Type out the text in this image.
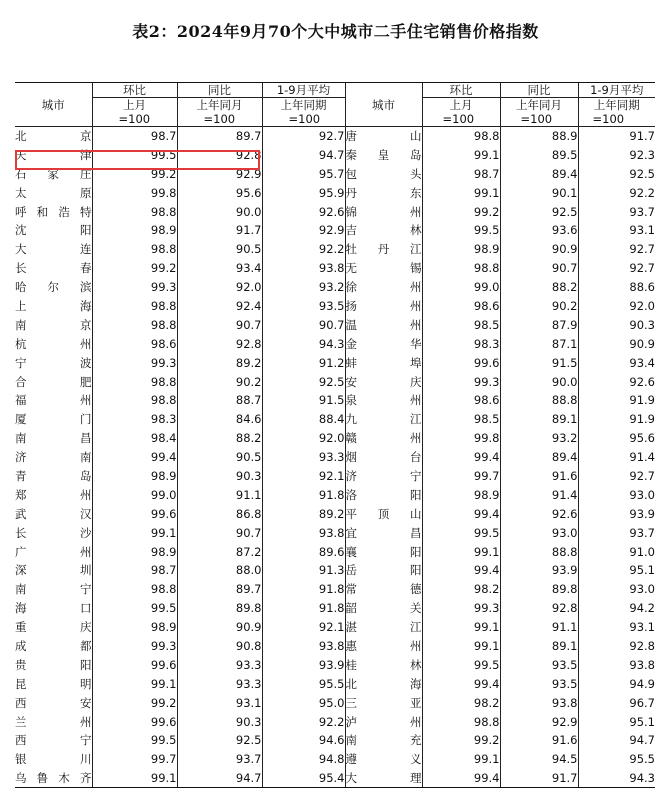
表2：2024年9月70个大中城市二手住宅销售价格指数
城市	环比	同比	1-9月平均	城市	环比	同比	1-9月平均
	上月	上年同月	上年同期		上月	上年同月	上年同期
	=100	=100	=100		=100	=100	=100
北京	98.7	89.7	92.7	唐山	98.8	88.9	91.7
天津	99.5	92.8	94.7	秦皇岛	99.1	89.5	92.3
石家庄	99.2	92.9	95.7	包头	98.7	89.4	92.5
太原	99.8	95.6	95.9	丹东	99.1	90.1	92.2
呼和浩特	98.8	90.0	92.6	锦州	99.2	92.5	93.7
沈阳	98.9	91.7	92.9	吉林	99.5	93.6	93.1
大连	98.8	90.5	92.2	牡丹江	98.9	90.9	92.7
长春	99.2	93.4	93.8	无锡	98.8	90.7	92.7
哈尔滨	99.3	92.0	93.2	徐州	99.0	88.2	88.6
上海	98.8	92.4	93.5	扬州	98.6	90.2	92.0
南京	98.8	90.7	90.7	温州	98.5	87.9	90.3
杭州	98.6	92.8	94.3	金华	98.3	87.1	90.9
宁波	99.3	89.2	91.2	蚌埠	99.6	91.5	93.4
合肥	98.8	90.2	92.5	安庆	99.3	90.0	92.6
福州	98.8	88.7	91.5	泉州	98.6	88.8	91.9
厦门	98.3	84.6	88.4	九江	98.5	89.1	91.9
南昌	98.4	88.2	92.0	赣州	99.8	93.2	95.6
济南	99.4	90.5	93.3	烟台	99.4	89.4	91.4
青岛	98.9	90.3	92.1	济宁	99.7	91.6	92.7
郑州	99.0	91.1	91.8	洛阳	98.9	91.4	93.0
武汉	99.6	86.8	89.2	平顶山	99.4	92.6	93.9
长沙	99.1	90.7	93.8	宜昌	99.5	93.0	93.7
广州	98.9	87.2	89.6	襄阳	99.1	88.8	91.0
深圳	98.7	88.0	91.3	岳阳	99.4	93.9	95.1
南宁	98.8	89.7	91.8	常德	98.2	89.8	93.0
海口	99.5	89.8	91.8	韶关	99.3	92.8	94.2
重庆	98.9	90.9	92.1	湛江	99.1	91.1	93.1
成都	99.3	90.8	93.8	惠州	99.1	89.1	92.8
贵阳	99.6	93.3	93.9	桂林	99.5	93.5	93.8
昆明	99.1	93.3	95.5	北海	99.4	93.5	94.9
西安	99.2	93.1	95.0	三亚	98.2	93.8	96.7
兰州	99.6	90.3	92.2	泸州	98.8	92.9	95.1
西宁	99.5	92.5	94.6	南充	99.2	91.6	94.7
银川	99.7	93.7	94.8	遵义	99.1	94.5	95.5
乌鲁木齐	99.1	94.7	95.4	大理	99.4	91.7	94.3
